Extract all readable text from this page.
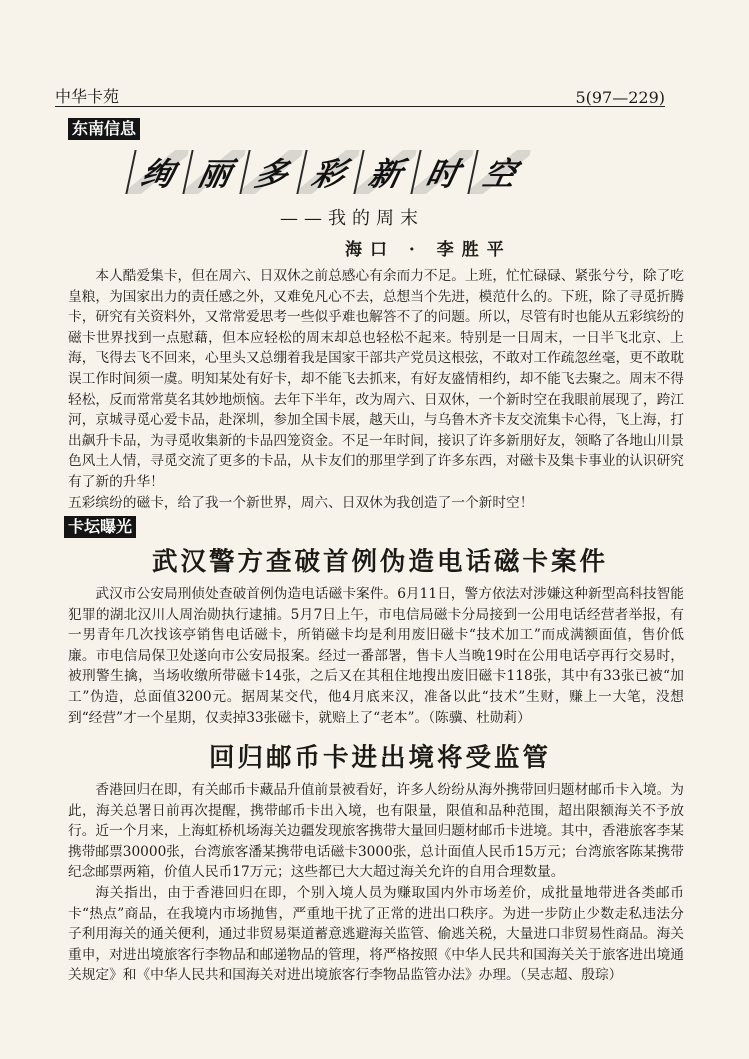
中华卡苑	5(97—229)
东南信息
绚 丽 多 彩 新 时 空
——我的周末
海口 · 李胜平

本人酷爱集卡，但在周六、日双休之前总感心有余而力不足。上班，忙忙碌碌、紧张兮兮，除了吃皇粮，为国家出力的责任感之外，又难免凡心不去，总想当个先进，模范什么的。下班，除了寻觅折腾卡，研究有关资料外，又常常爱思考一些似乎难也解答不了的问题。所以，尽管有时也能从五彩缤纷的磁卡世界找到一点慰藉，但本应轻松的周末却总也轻松不起来。特别是一日周末，一日半飞北京、上海，飞得去飞不回来，心里头又总绷着我是国家干部共产党员这根弦，不敢对工作疏忽丝毫，更不敢耽误工作时间须一虞。明知某处有好卡，却不能飞去抓来，有好友盛情相约，却不能飞去聚之。周末不得轻松，反而常常莫名其妙地烦恼。去年下半年，改为周六、日双休，一个新时空在我眼前展现了，跨江河，京城寻觅心爱卡品，赴深圳，参加全国卡展，越天山，与乌鲁木齐卡友交流集卡心得，飞上海，打出飙升卡品，为寻觅收集新的卡品四笼资金。不足一年时间，接识了许多新朋好友，领略了各地山川景色风土人情，寻觅交流了更多的卡品，从卡友们的那里学到了许多东西，对磁卡及集卡事业的认识研究有了新的升华！

五彩缤纷的磁卡，给了我一个新世界，周六、日双休为我创造了一个新时空！

卡坛曝光
武汉警方查破首例伪造电话磁卡案件

武汉市公安局刑侦处查破首例伪造电话磁卡案件。6月11日，警方依法对涉嫌这种新型高科技智能犯罪的湖北汉川人周治勋执行逮捕。5月7日上午，市电信局磁卡分局接到一公用电话经营者举报，有一男青年几次找该亭销售电话磁卡，所销磁卡均是利用废旧磁卡“技术加工”而成满额面值，售价低廉。市电信局保卫处遂向市公安局报案。经过一番部署，售卡人当晚19时在公用电话亭再行交易时，被刑警生擒，当场收缴所带磁卡14张，之后又在其租住地搜出废旧磁卡118张，其中有33张已被“加工”伪造，总面值3200元。据周某交代，他4月底来汉，准备以此“技术”生财，赚上一大笔，没想到“经营”才一个星期，仅卖掉33张磁卡，就赔上了“老本”。（陈骥、杜勋莉）

回归邮币卡进出境将受监管

香港回归在即，有关邮币卡藏品升值前景被看好，许多人纷纷从海外携带回归题材邮币卡入境。为此，海关总署日前再次提醒，携带邮币卡出入境，也有限量，限值和品种范围，超出限额海关不予放行。近一个月来，上海虹桥机场海关边疆发现旅客携带大量回归题材邮币卡进境。其中，香港旅客李某携带邮票30000张，台湾旅客潘某携带电话磁卡3000张，总计面值人民币15万元；台湾旅客陈某携带纪念邮票两箱，价值人民币17万元；这些都已大大超过海关允许的自用合理数量。

海关指出，由于香港回归在即，个别入境人员为赚取国内外市场差价，成批量地带进各类邮币卡“热点”商品，在我境内市场抛售，严重地干扰了正常的进出口秩序。为进一步防止少数走私违法分子利用海关的通关便利，通过非贸易渠道蓄意逃避海关监管、偷逃关税，大量进口非贸易性商品。海关重申，对进出境旅客行李物品和邮递物品的管理，将严格按照《中华人民共和国海关关于旅客进出境通关规定》和《中华人民共和国海关对进出境旅客行李物品监管办法》办理。（吴志超、殷琮）
